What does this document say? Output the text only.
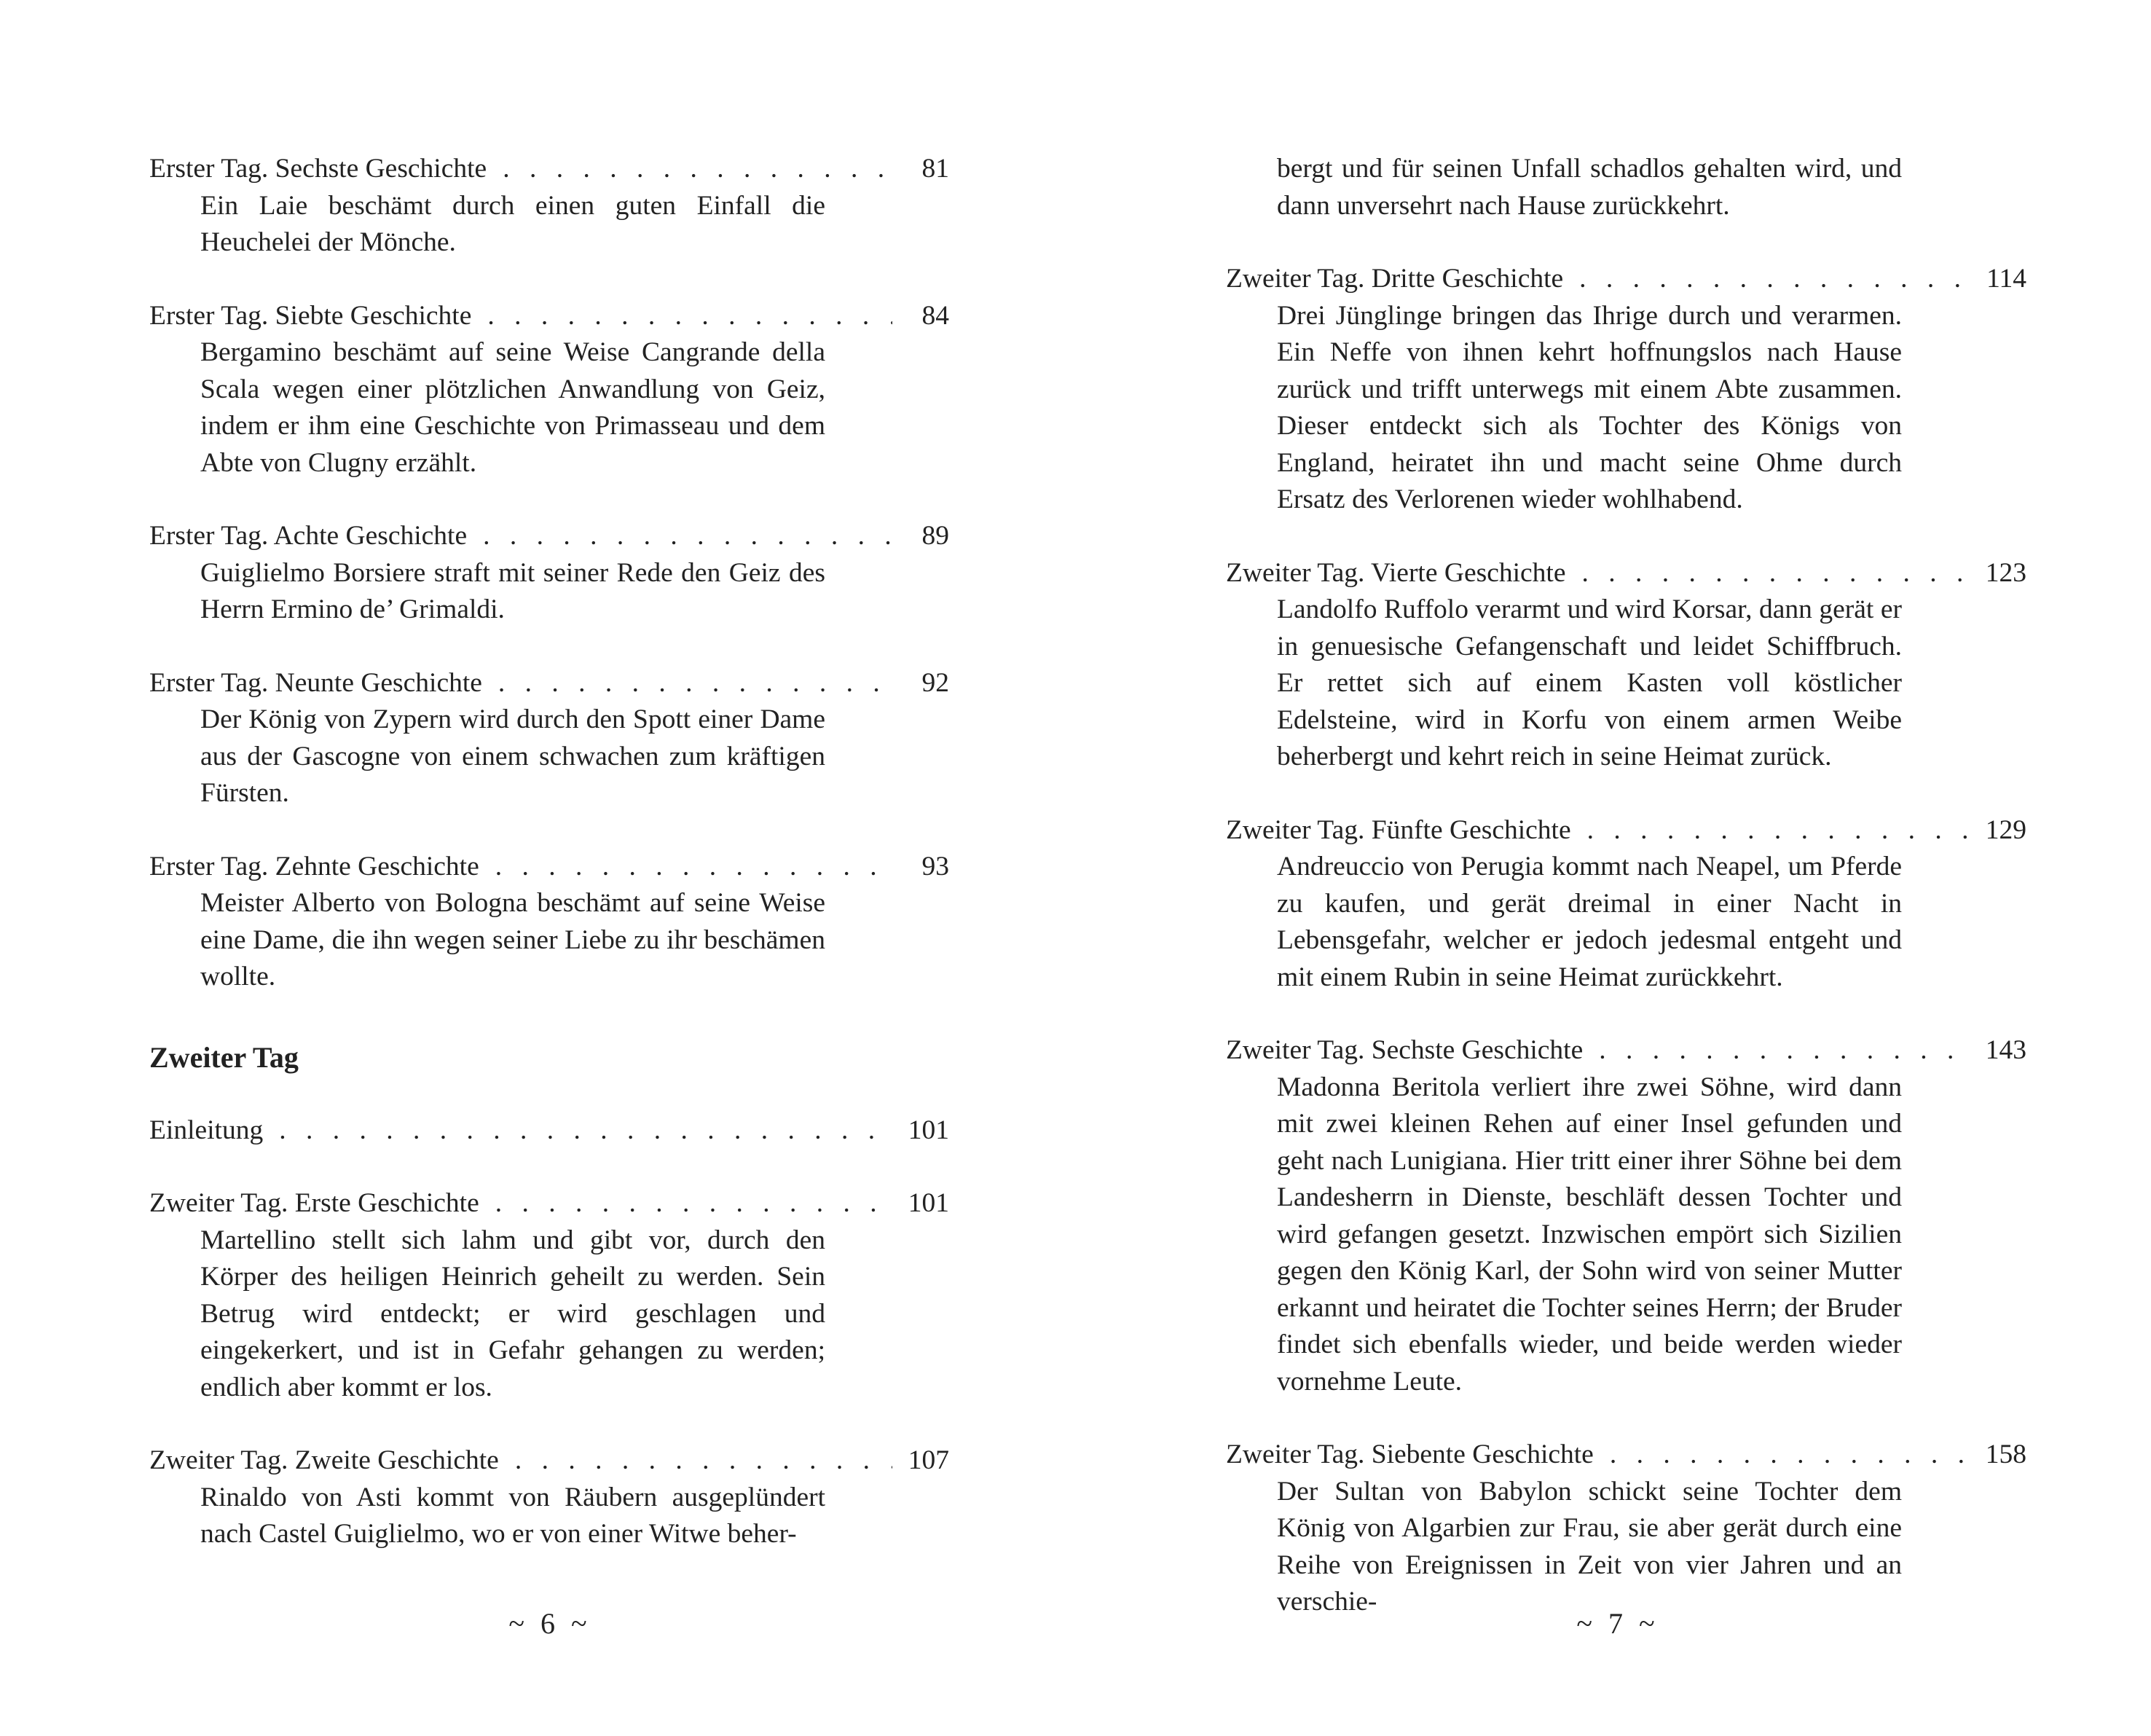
Erster Tag. Sechste Geschichte . . .	81
Ein Laie beschämt durch einen guten Einfall die Heuchelei der Mönche.
Erster Tag. Siebte Geschichte . . .	84
Bergamino beschämt auf seine Weise Cangrande della Scala wegen einer plötzlichen Anwandlung von Geiz, indem er ihm eine Geschichte von Primasseau und dem Abte von Clugny erzählt.
Erster Tag. Achte Geschichte . . .	89
Guiglielmo Borsiere straft mit seiner Rede den Geiz des Herrn Ermino de’ Grimaldi.
Erster Tag. Neunte Geschichte . . .	92
Der König von Zypern wird durch den Spott einer Dame aus der Gascogne von einem schwachen zum kräftigen Fürsten.
Erster Tag. Zehnte Geschichte . . .	93
Meister Alberto von Bologna beschämt auf seine Weise eine Dame, die ihn wegen seiner Liebe zu ihr beschämen wollte.
Zweiter Tag
Einleitung . . .	101
Zweiter Tag. Erste Geschichte . . .	101
Martellino stellt sich lahm und gibt vor, durch den Körper des heiligen Heinrich geheilt zu werden. Sein Betrug wird entdeckt; er wird geschlagen und eingekerkert, und ist in Gefahr gehangen zu werden; endlich aber kommt er los.
Zweiter Tag. Zweite Geschichte . . .	107
Rinaldo von Asti kommt von Räubern ausgeplündert nach Castel Guiglielmo, wo er von einer Witwe beher-
~ 6 ~
bergt und für seinen Unfall schadlos gehalten wird, und dann unversehrt nach Hause zurückkehrt.
Zweiter Tag. Dritte Geschichte . . .	114
Drei Jünglinge bringen das Ihrige durch und verarmen. Ein Neffe von ihnen kehrt hoffnungslos nach Hause zurück und trifft unterwegs mit einem Abte zusammen. Dieser entdeckt sich als Tochter des Königs von England, heiratet ihn und macht seine Ohme durch Ersatz des Verlorenen wieder wohlhabend.
Zweiter Tag. Vierte Geschichte . . .	123
Landolfo Ruffolo verarmt und wird Korsar, dann gerät er in genuesische Gefangenschaft und leidet Schiffbruch. Er rettet sich auf einem Kasten voll köstlicher Edelsteine, wird in Korfu von einem armen Weibe beherbergt und kehrt reich in seine Heimat zurück.
Zweiter Tag. Fünfte Geschichte . . .	129
Andreuccio von Perugia kommt nach Neapel, um Pferde zu kaufen, und gerät dreimal in einer Nacht in Lebensgefahr, welcher er jedoch jedesmal entgeht und mit einem Rubin in seine Heimat zurückkehrt.
Zweiter Tag. Sechste Geschichte . . .	143
Madonna Beritola verliert ihre zwei Söhne, wird dann mit zwei kleinen Rehen auf einer Insel gefunden und geht nach Lunigiana. Hier tritt einer ihrer Söhne bei dem Landesherrn in Dienste, beschläft dessen Tochter und wird gefangen gesetzt. Inzwischen empört sich Sizilien gegen den König Karl, der Sohn wird von seiner Mutter erkannt und heiratet die Tochter seines Herrn; der Bruder findet sich ebenfalls wieder, und beide werden wieder vornehme Leute.
Zweiter Tag. Siebente Geschichte . . .	158
Der Sultan von Babylon schickt seine Tochter dem König von Algarbien zur Frau, sie aber gerät durch eine Reihe von Ereignissen in Zeit von vier Jahren und an verschie-
~ 7 ~
